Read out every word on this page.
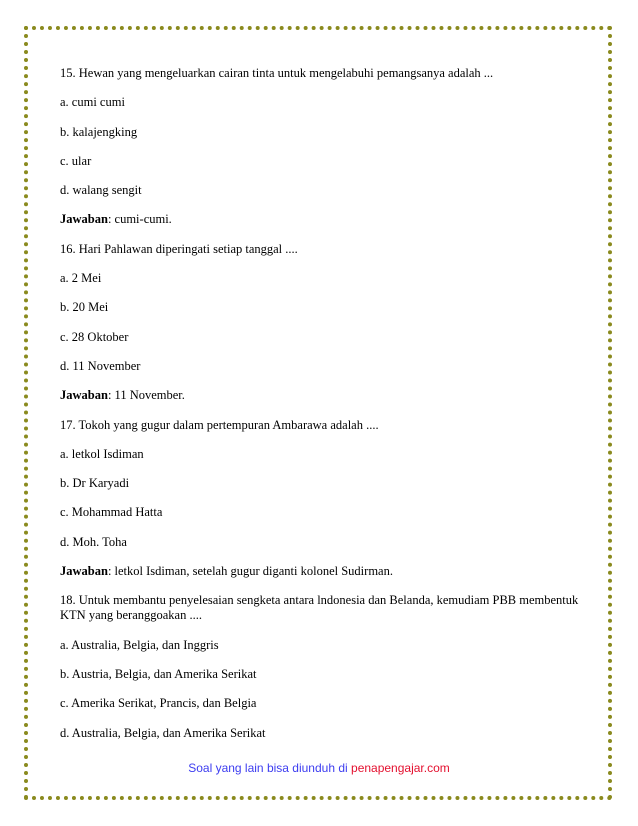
15. Hewan yang mengeluarkan cairan tinta untuk mengelabuhi pemangsanya adalah ...

a. cumi cumi

b. kalajengking

c. ular

d. walang sengit

Jawaban: cumi-cumi.

16. Hari Pahlawan diperingati setiap tanggal ....

a. 2 Mei

b. 20 Mei

c. 28 Oktober

d. 11 November

Jawaban: 11 November.

17. Tokoh yang gugur dalam pertempuran Ambarawa adalah ....

a. letkol Isdiman

b. Dr Karyadi

c. Mohammad Hatta

d. Moh. Toha

Jawaban: letkol Isdiman, setelah gugur diganti kolonel Sudirman.

18. Untuk membantu penyelesaian sengketa antara lndonesia dan Belanda, kemudiam PBB membentuk KTN yang beranggoakan ....

a. Australia, Belgia, dan Inggris

b. Austria, Belgia, dan Amerika Serikat

c. Amerika Serikat, Prancis, dan Belgia

d. Australia, Belgia, dan Amerika Serikat

Soal yang lain bisa diunduh di penapengajar.com
